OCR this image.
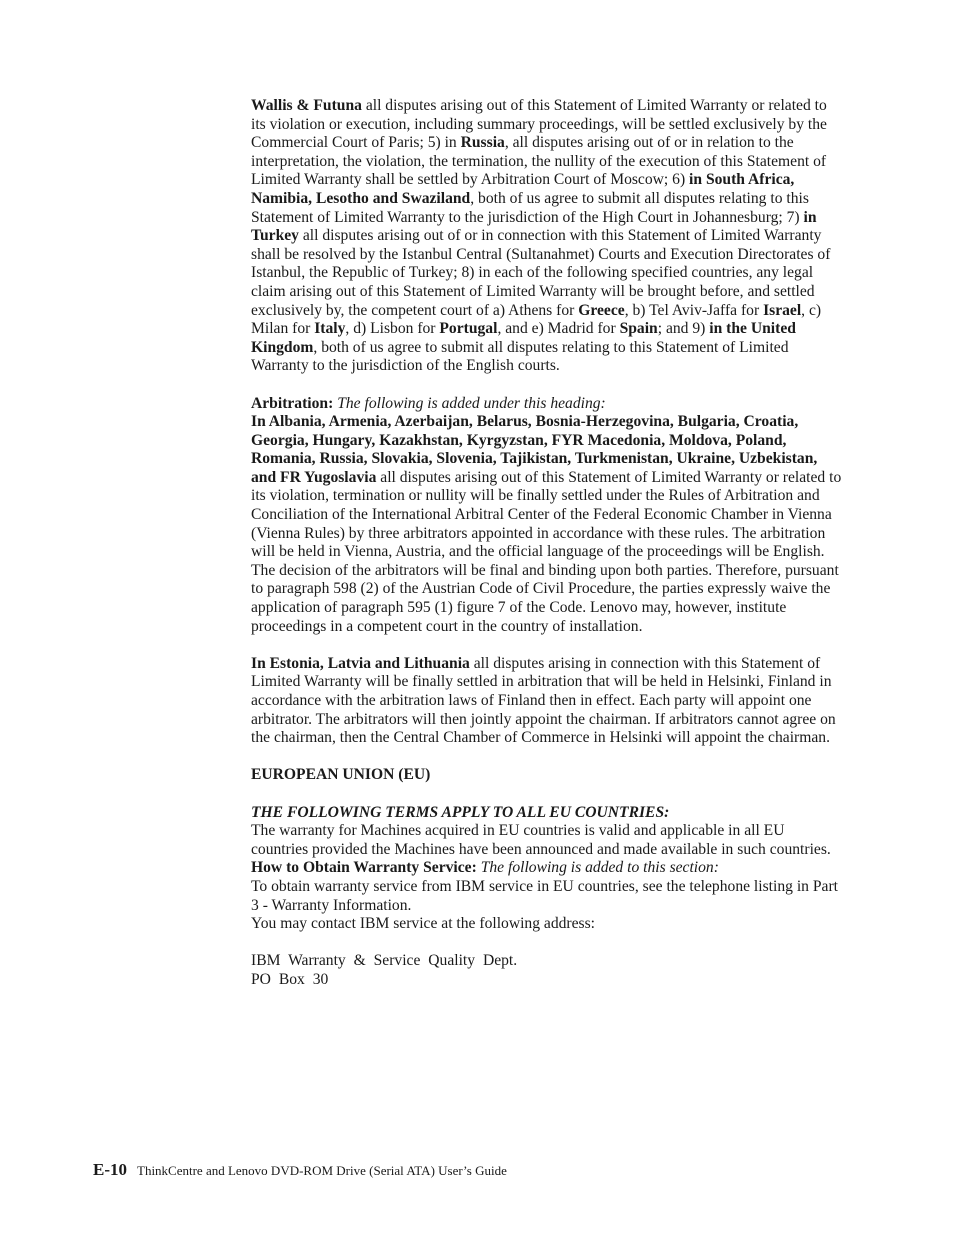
Wallis & Futuna all disputes arising out of this Statement of Limited Warranty or related to its violation or execution, including summary proceedings, will be settled exclusively by the Commercial Court of Paris; 5) in Russia, all disputes arising out of or in relation to the interpretation, the violation, the termination, the nullity of the execution of this Statement of Limited Warranty shall be settled by Arbitration Court of Moscow; 6) in South Africa, Namibia, Lesotho and Swaziland, both of us agree to submit all disputes relating to this Statement of Limited Warranty to the jurisdiction of the High Court in Johannesburg; 7) in Turkey all disputes arising out of or in connection with this Statement of Limited Warranty shall be resolved by the Istanbul Central (Sultanahmet) Courts and Execution Directorates of Istanbul, the Republic of Turkey; 8) in each of the following specified countries, any legal claim arising out of this Statement of Limited Warranty will be brought before, and settled exclusively by, the competent court of a) Athens for Greece, b) Tel Aviv-Jaffa for Israel, c) Milan for Italy, d) Lisbon for Portugal, and e) Madrid for Spain; and 9) in the United Kingdom, both of us agree to submit all disputes relating to this Statement of Limited Warranty to the jurisdiction of the English courts.

Arbitration: The following is added under this heading:

In Albania, Armenia, Azerbaijan, Belarus, Bosnia-Herzegovina, Bulgaria, Croatia, Georgia, Hungary, Kazakhstan, Kyrgyzstan, FYR Macedonia, Moldova, Poland, Romania, Russia, Slovakia, Slovenia, Tajikistan, Turkmenistan, Ukraine, Uzbekistan, and FR Yugoslavia all disputes arising out of this Statement of Limited Warranty or related to its violation, termination or nullity will be finally settled under the Rules of Arbitration and Conciliation of the International Arbitral Center of the Federal Economic Chamber in Vienna (Vienna Rules) by three arbitrators appointed in accordance with these rules. The arbitration will be held in Vienna, Austria, and the official language of the proceedings will be English. The decision of the arbitrators will be final and binding upon both parties. Therefore, pursuant to paragraph 598 (2) of the Austrian Code of Civil Procedure, the parties expressly waive the application of paragraph 595 (1) figure 7 of the Code. Lenovo may, however, institute proceedings in a competent court in the country of installation.

In Estonia, Latvia and Lithuania all disputes arising in connection with this Statement of Limited Warranty will be finally settled in arbitration that will be held in Helsinki, Finland in accordance with the arbitration laws of Finland then in effect. Each party will appoint one arbitrator. The arbitrators will then jointly appoint the chairman. If arbitrators cannot agree on the chairman, then the Central Chamber of Commerce in Helsinki will appoint the chairman.

EUROPEAN UNION (EU)

THE FOLLOWING TERMS APPLY TO ALL EU COUNTRIES:

The warranty for Machines acquired in EU countries is valid and applicable in all EU countries provided the Machines have been announced and made available in such countries.

How to Obtain Warranty Service: The following is added to this section:

To obtain warranty service from IBM service in EU countries, see the telephone listing in Part 3 - Warranty Information.

You may contact IBM service at the following address:

IBM Warranty & Service Quality Dept.

PO Box 30

E-10 ThinkCentre and Lenovo DVD-ROM Drive (Serial ATA) User’s Guide
